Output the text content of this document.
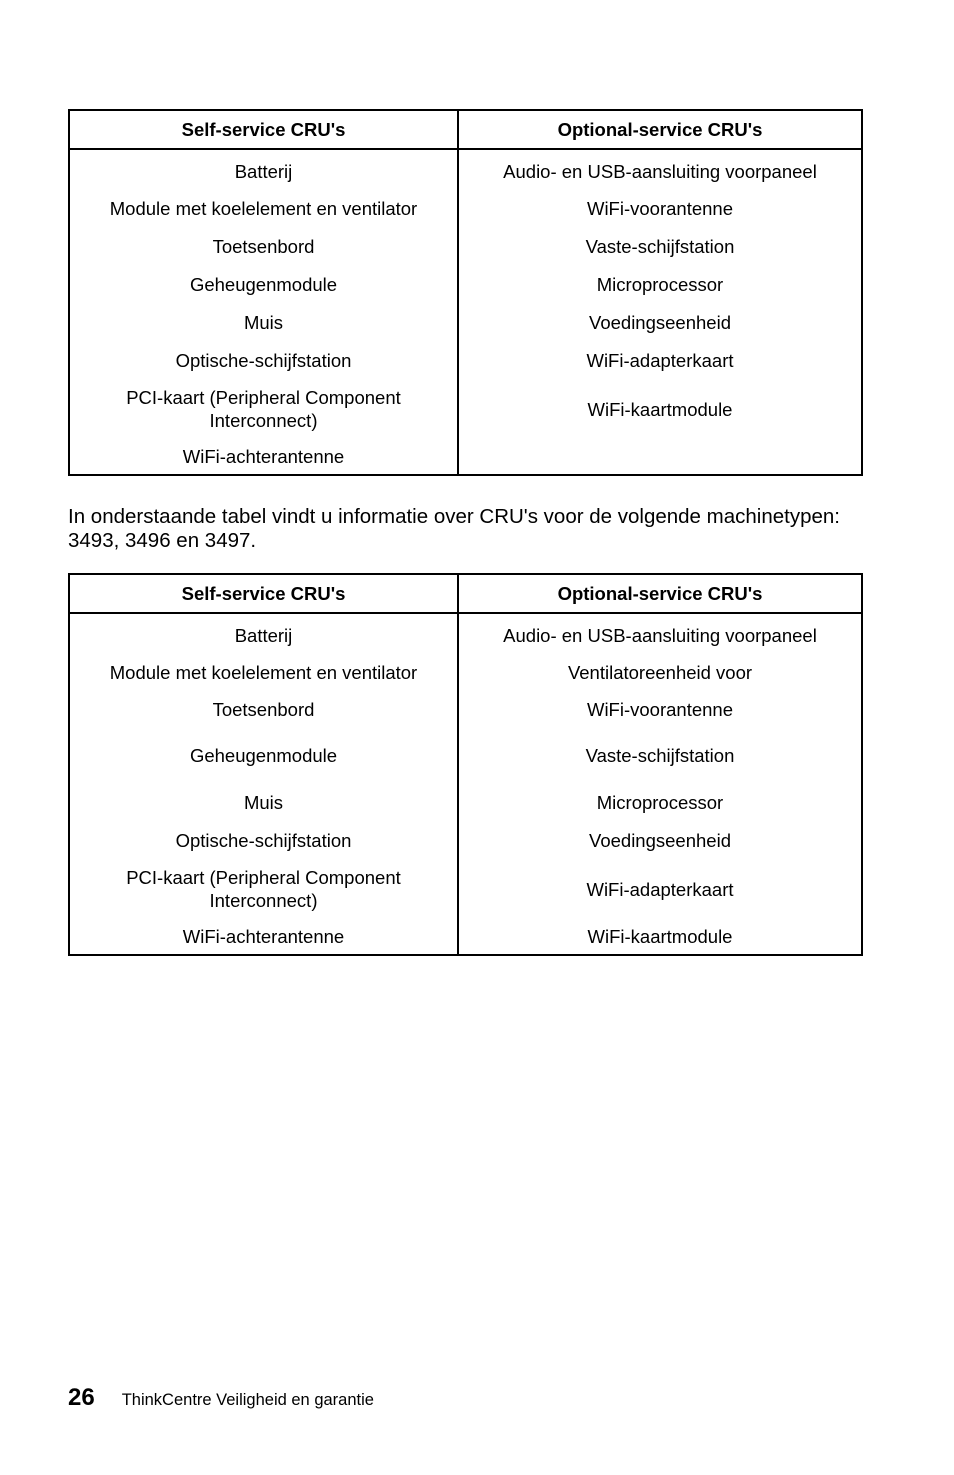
Self-service CRU's	Optional-service CRU's
Batterij	Audio- en USB-aansluiting voorpaneel
Module met koelelement en ventilator	WiFi-voorantenne
Toetsenbord	Vaste-schijfstation
Geheugenmodule	Microprocessor
Muis	Voedingseenheid
Optische-schijfstation	WiFi-adapterkaart
PCI-kaart (Peripheral Component Interconnect)	WiFi-kaartmodule
WiFi-achterantenne	

In onderstaande tabel vindt u informatie over CRU's voor de volgende machinetypen: 3493, 3496 en 3497.

Self-service CRU's	Optional-service CRU's
Batterij	Audio- en USB-aansluiting voorpaneel
Module met koelelement en ventilator	Ventilatoreenheid voor
Toetsenbord	WiFi-voorantenne
Geheugenmodule	Vaste-schijfstation
Muis	Microprocessor
Optische-schijfstation	Voedingseenheid
PCI-kaart (Peripheral Component Interconnect)	WiFi-adapterkaart
WiFi-achterantenne	WiFi-kaartmodule
26 ThinkCentre Veiligheid en garantie
